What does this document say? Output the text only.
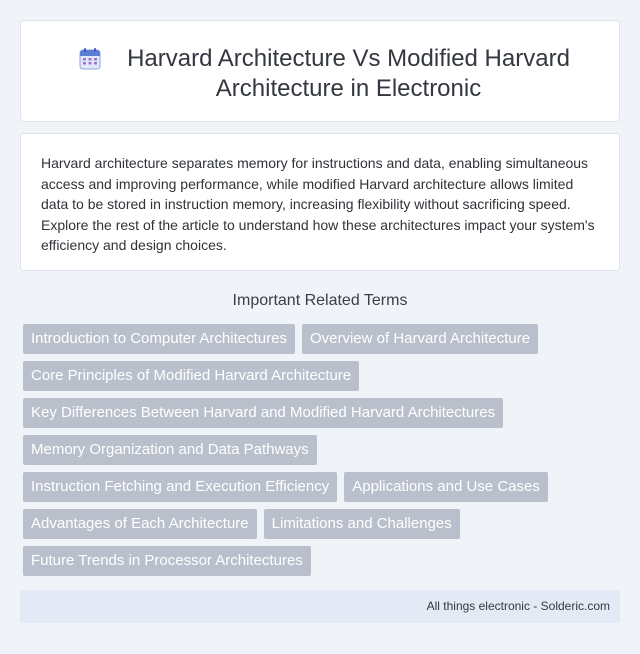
Harvard Architecture Vs Modified Harvard Architecture in Electronic

Harvard architecture separates memory for instructions and data, enabling simultaneous access and improving performance, while modified Harvard architecture allows limited data to be stored in instruction memory, increasing flexibility without sacrificing speed. Explore the rest of the article to understand how these architectures impact your system's efficiency and design choices.

Important Related Terms
Introduction to Computer Architectures	Overview of Harvard Architecture
Core Principles of Modified Harvard Architecture
Key Differences Between Harvard and Modified Harvard Architectures
Memory Organization and Data Pathways
Instruction Fetching and Execution Efficiency	Applications and Use Cases
Advantages of Each Architecture	Limitations and Challenges
Future Trends in Processor Architectures
All things electronic - Solderic.com
